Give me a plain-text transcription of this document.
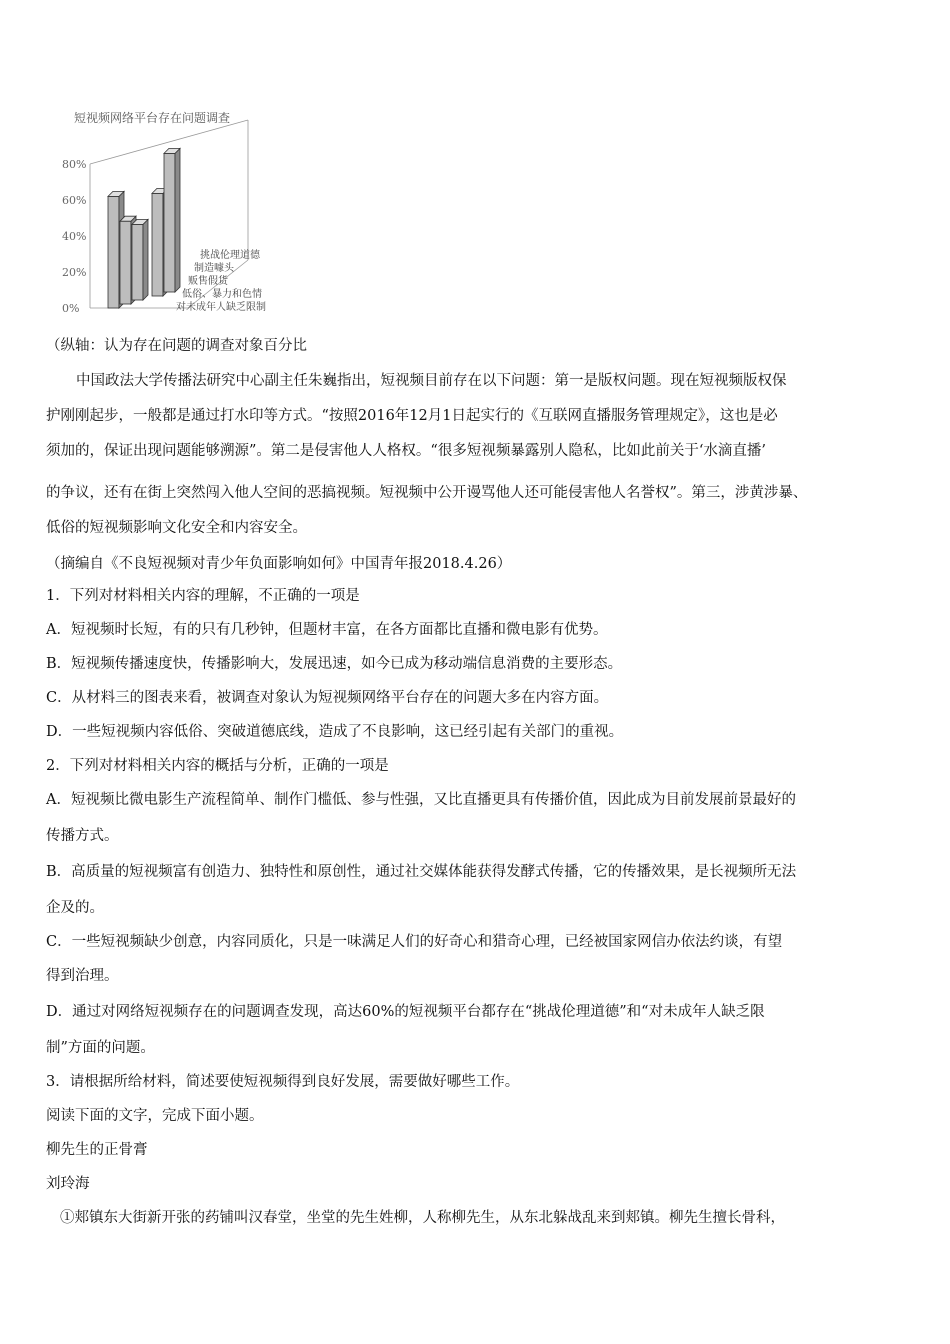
短视频网络平台存在问题调查
0%
20%
40%
60%
80%
挑战伦理道德
制造噱头
贩售假货
低俗、暴力和色情
对未成年人缺乏限制
（纵轴：认为存在问题的调查对象百分比
中国政法大学传播法研究中心副主任朱巍指出，短视频目前存在以下问题：第一是版权问题。现在短视频版权保
护刚刚起步，一般都是通过打水印等方式。“按照2016年12月1日起实行的《互联网直播服务管理规定》，这也是必
须加的，保证出现问题能够溯源”。第二是侵害他人人格权。“很多短视频暴露别人隐私，比如此前关于‘水滴直播’
的争议，还有在街上突然闯入他人空间的恶搞视频。短视频中公开谩骂他人还可能侵害他人名誉权”。第三，涉黄涉暴、
低俗的短视频影响文化安全和内容安全。
（摘编自《不良短视频对青少年负面影响如何》中国青年报2018.4.26）
1．下列对材料相关内容的理解，不正确的一项是
A．短视频时长短，有的只有几秒钟，但题材丰富，在各方面都比直播和微电影有优势。
B．短视频传播速度快，传播影响大，发展迅速，如今已成为移动端信息消费的主要形态。
C．从材料三的图表来看，被调查对象认为短视频网络平台存在的问题大多在内容方面。
D．一些短视频内容低俗、突破道德底线，造成了不良影响，这已经引起有关部门的重视。
2．下列对材料相关内容的概括与分析，正确的一项是
A．短视频比微电影生产流程简单、制作门槛低、参与性强，又比直播更具有传播价值，因此成为目前发展前景最好的
传播方式。
B．高质量的短视频富有创造力、独特性和原创性，通过社交媒体能获得发酵式传播，它的传播效果，是长视频所无法
企及的。
C．一些短视频缺少创意，内容同质化，只是一味满足人们的好奇心和猎奇心理，已经被国家网信办依法约谈，有望
得到治理。
D．通过对网络短视频存在的问题调查发现，高达60%的短视频平台都存在“挑战伦理道德”和“对未成年人缺乏限
制”方面的问题。
3．请根据所给材料，简述要使短视频得到良好发展，需要做好哪些工作。
阅读下面的文字，完成下面小题。
柳先生的正骨膏
刘玲海
①郏镇东大街新开张的药铺叫汉春堂，坐堂的先生姓柳，人称柳先生，从东北躲战乱来到郏镇。柳先生擅长骨科，
